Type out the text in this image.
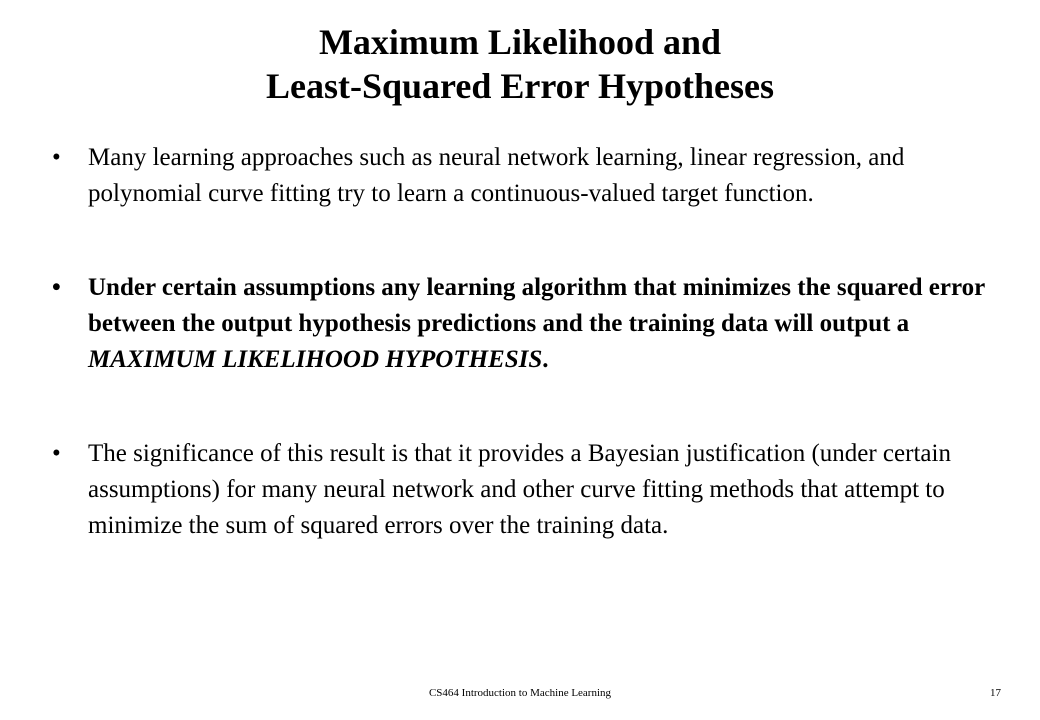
Maximum Likelihood and
Least-Squared Error Hypotheses
• Many learning approaches such as neural network learning, linear regression, and polynomial curve fitting try to learn a continuous-valued target function.
• Under certain assumptions any learning algorithm that minimizes the squared error between the output hypothesis predictions and the training data will output a MAXIMUM LIKELIHOOD HYPOTHESIS.
• The significance of this result is that it provides a Bayesian justification (under certain assumptions) for many neural network and other curve fitting methods that attempt to minimize the sum of squared errors over the training data.
CS464 Introduction to Machine Learning	17
